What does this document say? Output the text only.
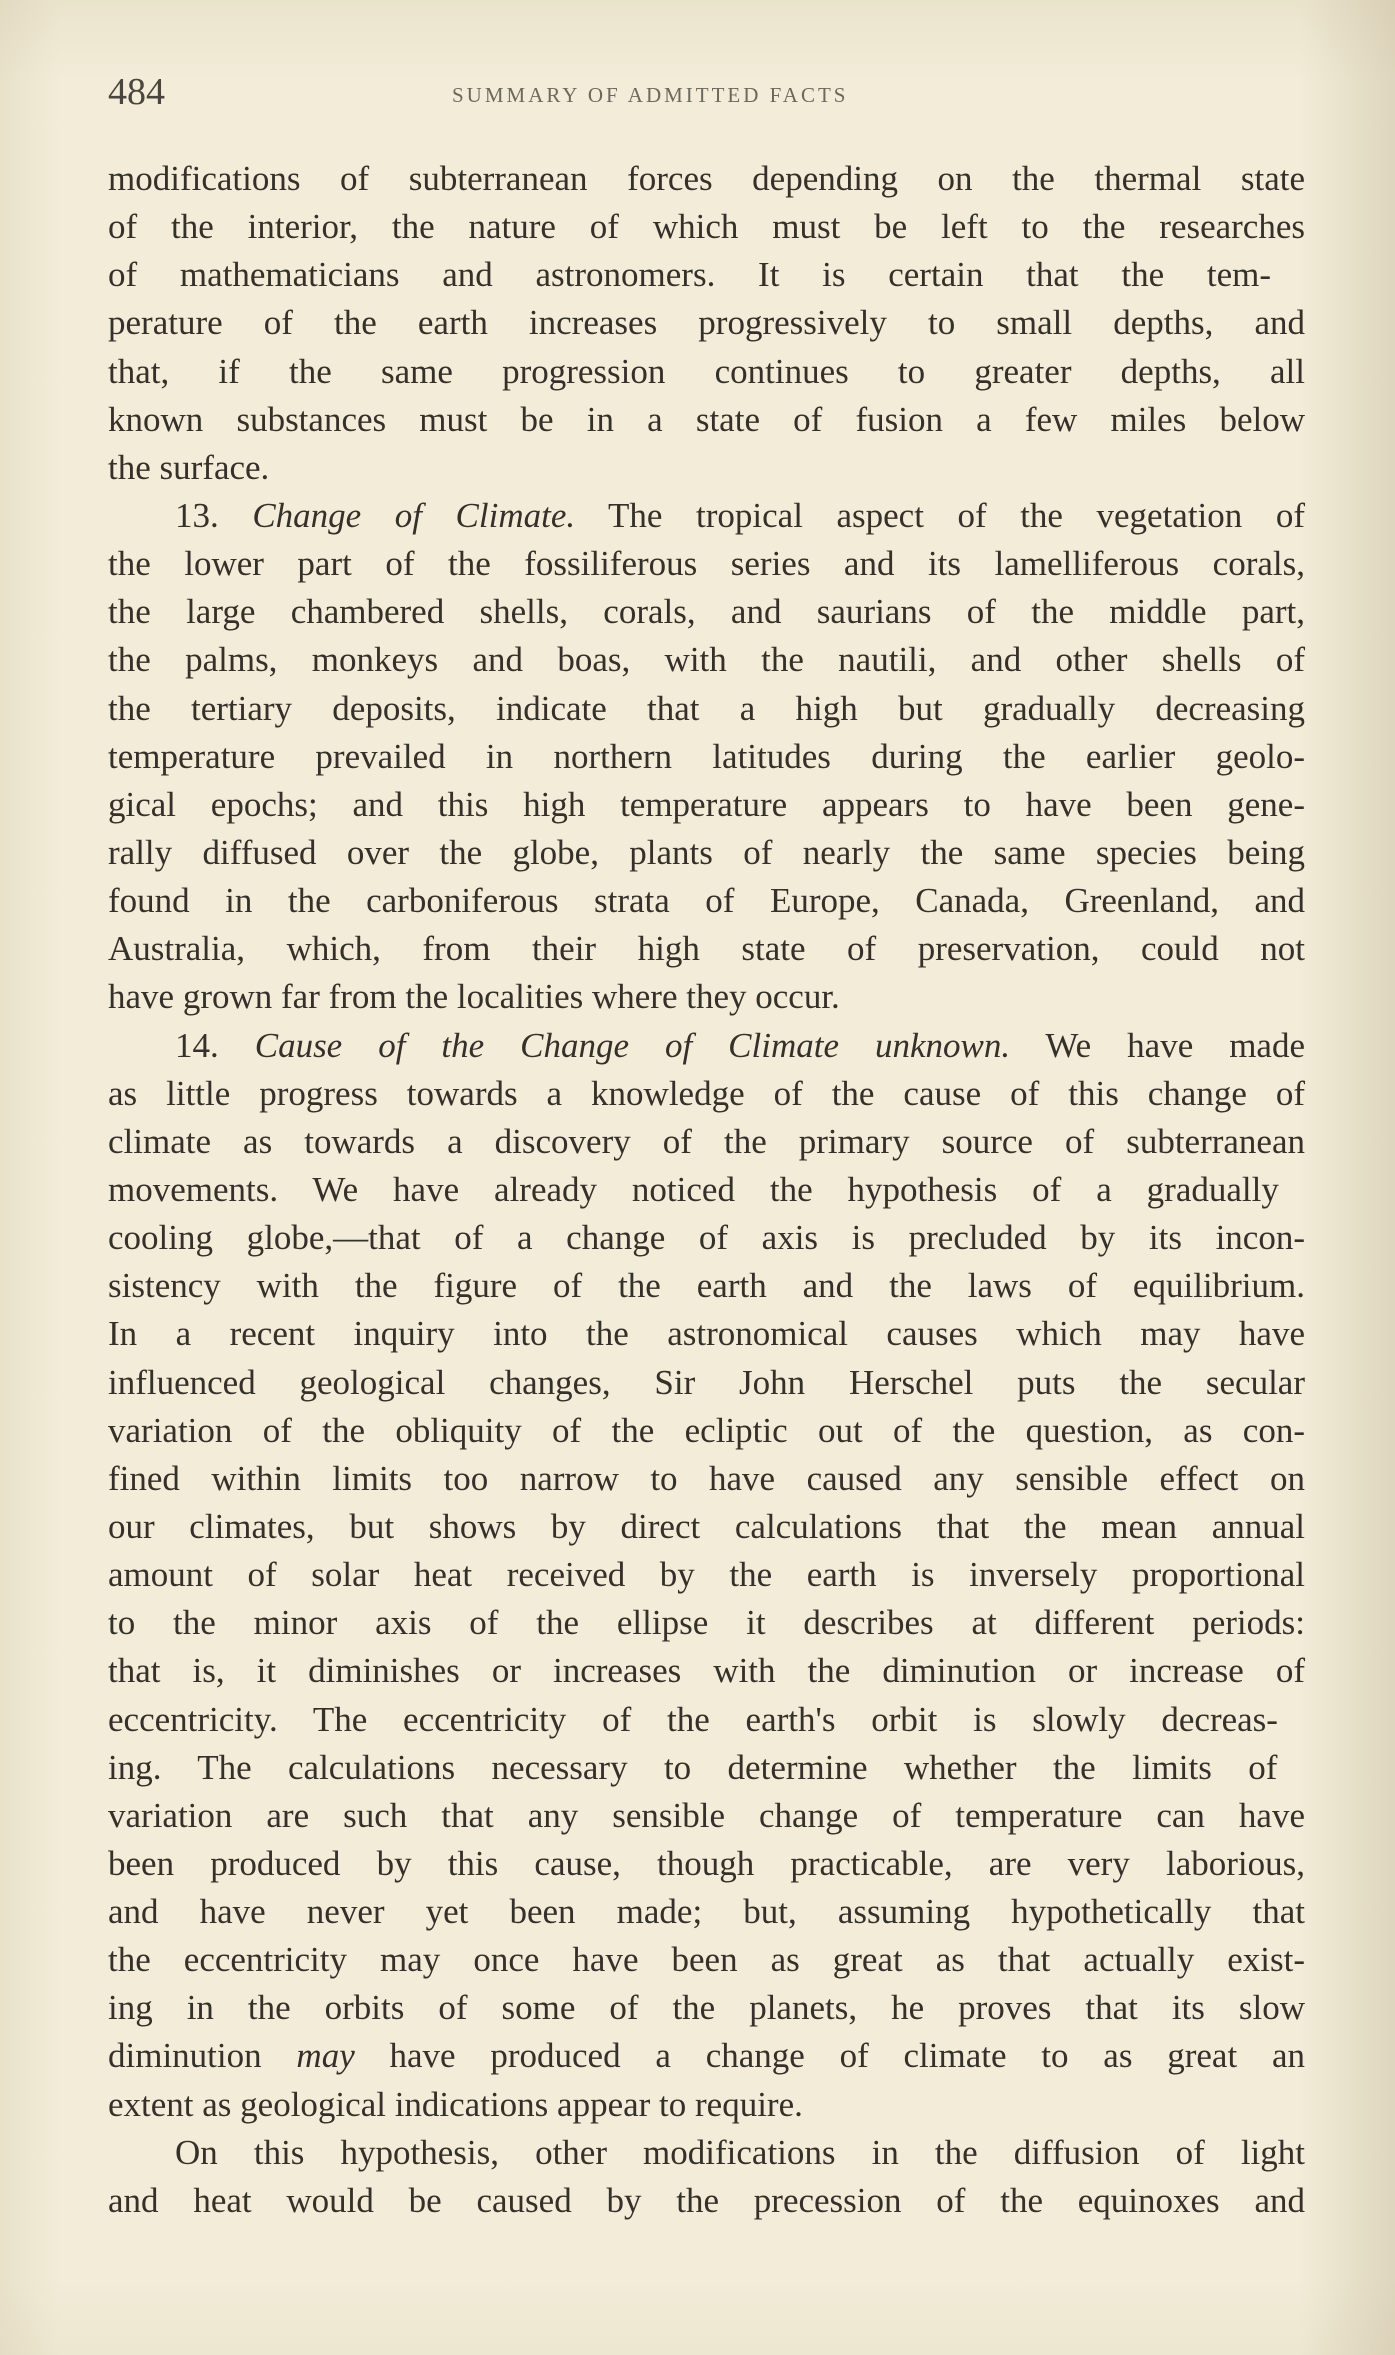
484	SUMMARY OF ADMITTED FACTS
modifications of subterranean forces depending on the thermal state
of the interior, the nature of which must be left to the researches
of mathematicians and astronomers. It is certain that the tem-
perature of the earth increases progressively to small depths, and
that, if the same progression continues to greater depths, all
known substances must be in a state of fusion a few miles below
the surface.
13. Change of Climate. The tropical aspect of the vegetation of
the lower part of the fossiliferous series and its lamelliferous corals,
the large chambered shells, corals, and saurians of the middle part,
the palms, monkeys and boas, with the nautili, and other shells of
the tertiary deposits, indicate that a high but gradually decreasing
temperature prevailed in northern latitudes during the earlier geolo-
gical epochs; and this high temperature appears to have been gene-
rally diffused over the globe, plants of nearly the same species being
found in the carboniferous strata of Europe, Canada, Greenland, and
Australia, which, from their high state of preservation, could not
have grown far from the localities where they occur.
14. Cause of the Change of Climate unknown. We have made
as little progress towards a knowledge of the cause of this change of
climate as towards a discovery of the primary source of subterranean
movements. We have already noticed the hypothesis of a gradually
cooling globe,—that of a change of axis is precluded by its incon-
sistency with the figure of the earth and the laws of equilibrium.
In a recent inquiry into the astronomical causes which may have
influenced geological changes, Sir John Herschel puts the secular
variation of the obliquity of the ecliptic out of the question, as con-
fined within limits too narrow to have caused any sensible effect on
our climates, but shows by direct calculations that the mean annual
amount of solar heat received by the earth is inversely proportional
to the minor axis of the ellipse it describes at different periods:
that is, it diminishes or increases with the diminution or increase of
eccentricity. The eccentricity of the earth's orbit is slowly decreas-
ing. The calculations necessary to determine whether the limits of
variation are such that any sensible change of temperature can have
been produced by this cause, though practicable, are very laborious,
and have never yet been made; but, assuming hypothetically that
the eccentricity may once have been as great as that actually exist-
ing in the orbits of some of the planets, he proves that its slow
diminution may have produced a change of climate to as great an
extent as geological indications appear to require.
On this hypothesis, other modifications in the diffusion of light
and heat would be caused by the precession of the equinoxes and
